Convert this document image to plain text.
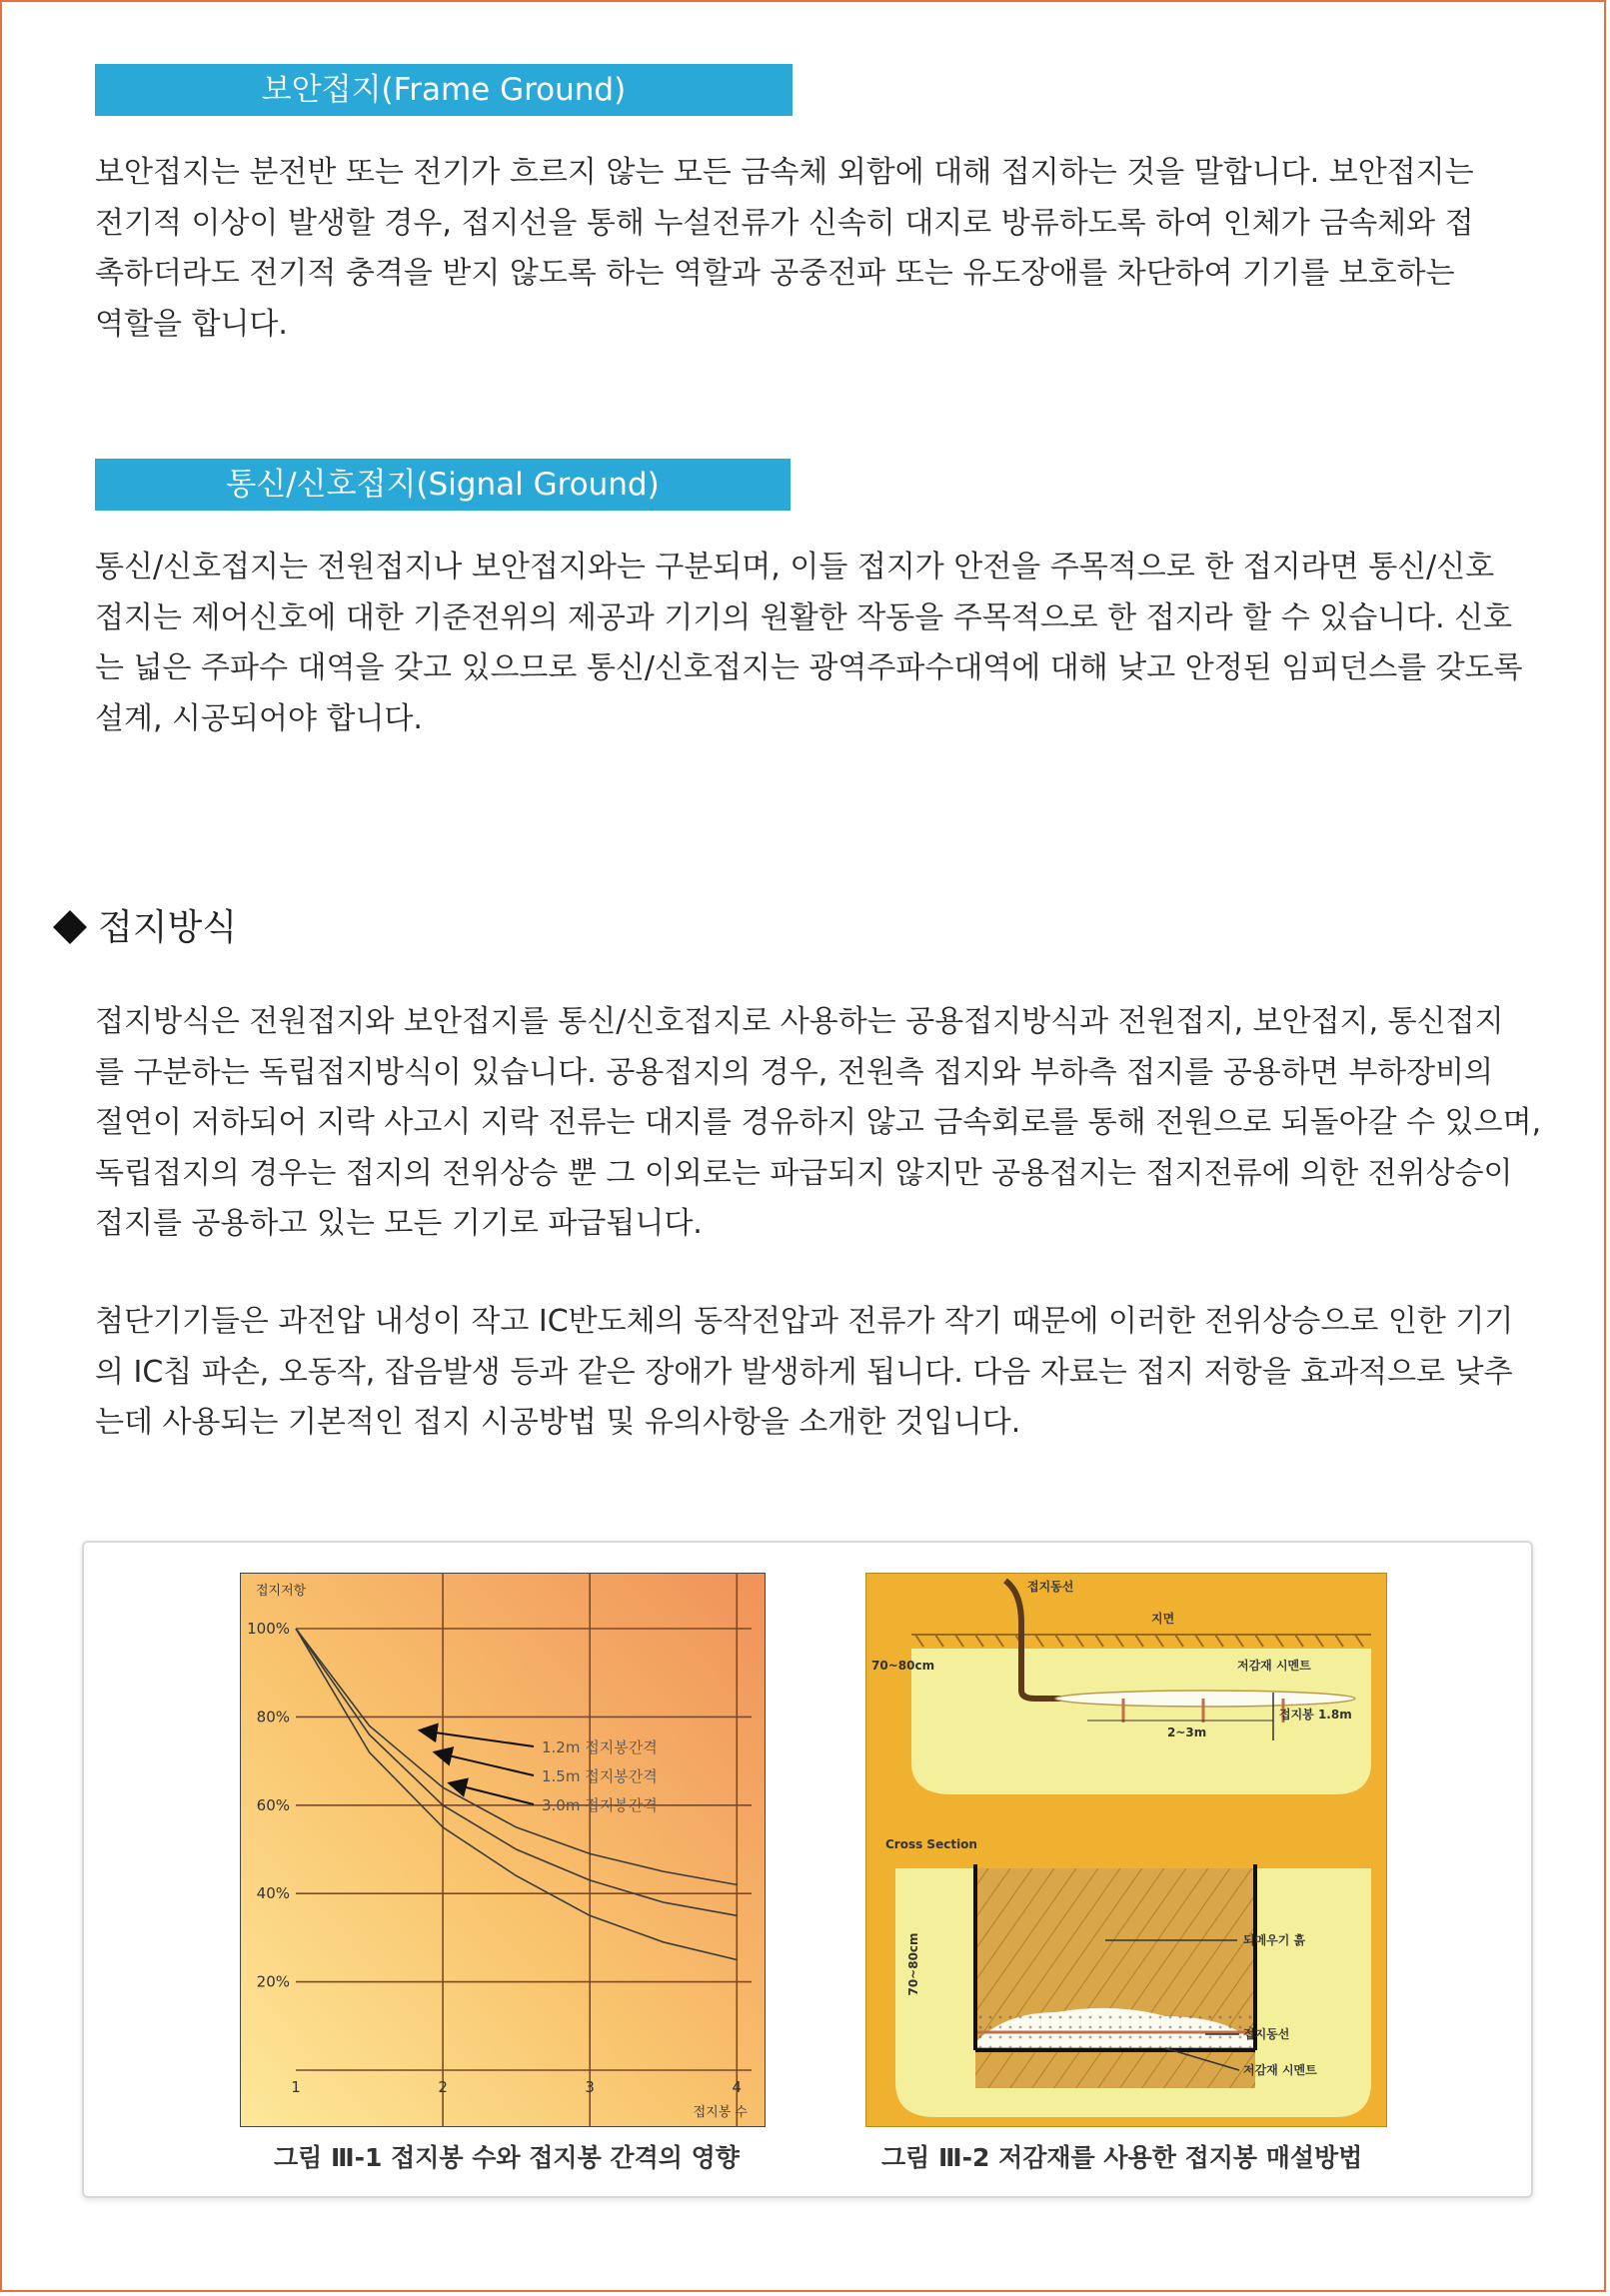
보안접지(Frame Ground)
보안접지는 분전반 또는 전기가 흐르지 않는 모든 금속체 외함에 대해 접지하는 것을 말합니다. 보안접지는
전기적 이상이 발생할 경우, 접지선을 통해 누설전류가 신속히 대지로 방류하도록 하여 인체가 금속체와 접
촉하더라도 전기적 충격을 받지 않도록 하는 역할과 공중전파 또는 유도장애를 차단하여 기기를 보호하는
역할을 합니다.
통신/신호접지(Signal Ground)
통신/신호접지는 전원접지나 보안접지와는 구분되며, 이들 접지가 안전을 주목적으로 한 접지라면 통신/신호
접지는 제어신호에 대한 기준전위의 제공과 기기의 원활한 작동을 주목적으로 한 접지라 할 수 있습니다. 신호
는 넓은 주파수 대역을 갖고 있으므로 통신/신호접지는 광역주파수대역에 대해 낮고 안정된 임피던스를 갖도록
설계, 시공되어야 합니다.
접지방식
접지방식은 전원접지와 보안접지를 통신/신호접지로 사용하는 공용접지방식과 전원접지, 보안접지, 통신접지
를 구분하는 독립접지방식이 있습니다. 공용접지의 경우, 전원측 접지와 부하측 접지를 공용하면 부하장비의
절연이 저하되어 지락 사고시 지락 전류는 대지를 경유하지 않고 금속회로를 통해 전원으로 되돌아갈 수 있으며,
독립접지의 경우는 접지의 전위상승 뿐 그 이외로는 파급되지 않지만 공용접지는 접지전류에 의한 전위상승이
접지를 공용하고 있는 모든 기기로 파급됩니다.
첨단기기들은 과전압 내성이 작고 IC반도체의 동작전압과 전류가 작기 때문에 이러한 전위상승으로 인한 기기
의 IC칩 파손, 오동작, 잡음발생 등과 같은 장애가 발생하게 됩니다. 다음 자료는 접지 저항을 효과적으로 낮추
는데 사용되는 기본적인 접지 시공방법 및 유의사항을 소개한 것입니다.
100%
80%
60%
40%
20%
1	2	3	4
접지저항
접지봉 수
1.2m 접지봉간격
1.5m 접지봉간격
3.0m 접지봉간격
그림 Ⅲ-1 접지봉 수와 접지봉 간격의 영향
접지동선
지면
70~80cm	저감재 시멘트
접지봉 1.8m
2~3m
Cross Section
되메우기 흙
접지동선
저감재 시멘트
70~80cm
그림 Ⅲ-2 저감재를 사용한 접지봉 매설방법
